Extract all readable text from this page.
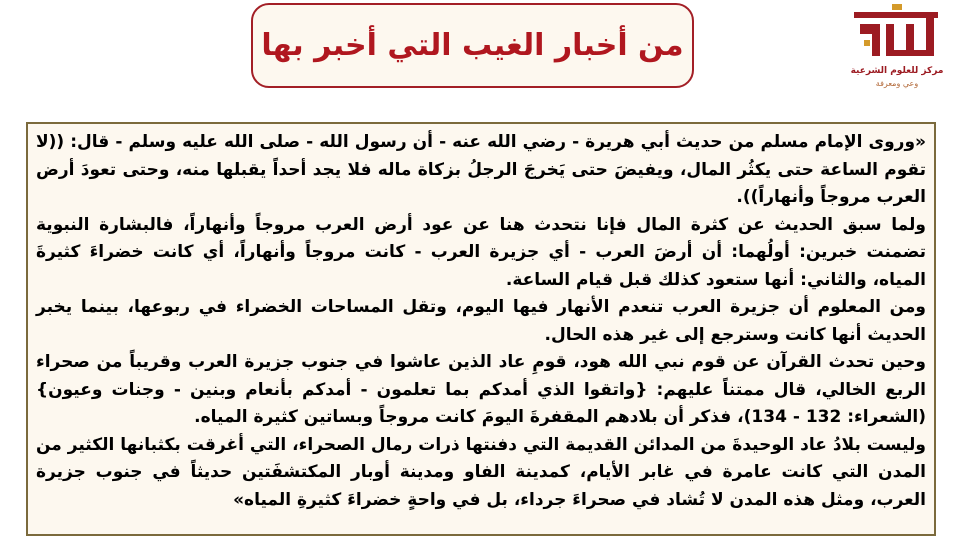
من أخبار الغيب التي أخبر بها
مركز للعلوم الشرعية
وعي ومعرفة

«وروى الإمام مسلم من حديث أبي هريرة - رضي الله عنه - أن رسول الله - صلى الله عليه وسلم - قال: ((لا تقوم الساعة حتى يكثُر المال، ويفيضَ حتى يَخرجَ الرجلُ بزكاة ماله فلا يجد أحداً يقبلها منه، وحتى تعودَ أرض العرب مروجاً وأنهاراً)).

ولما سبق الحديث عن كثرة المال فإنا نتحدث هنا عن عود أرض العرب مروجاً وأنهاراً، فالبشارة النبوية تضمنت خبرين: أولُهما: أن أرضَ العرب - أي جزيرة العرب - كانت مروجاً وأنهاراً، أي كانت خضراءَ كثيرةَ المياه، والثاني: أنها ستعود كذلك قبل قيام الساعة.

ومن المعلوم أن جزيرة العرب تنعدم الأنهار فيها اليوم، وتقل المساحات الخضراء في ربوعها، بينما يخبر الحديث أنها كانت وسترجع إلى غير هذه الحال.

وحين تحدث القرآن عن قوم نبي الله هود، قومِ عاد الذين عاشوا في جنوب جزيرة العرب وقريباً من صحراء الربع الخالي، قال ممتناً عليهم: {واتقوا الذي أمدكم بما تعلمون - أمدكم بأنعام وبنين - وجنات وعيون} (الشعراء: 132 - 134)، فذكر أن بلادهم المقفرةَ اليومَ كانت مروجاً وبساتين كثيرة المياه.

وليست بلادُ عاد الوحيدةَ من المدائن القديمة التي دفنتها ذرات رمال الصحراء، التي أغرقت بكثبانها الكثير من المدن التي كانت عامرة في غابر الأيام، كمدينة الفاو ومدينة أوبار المكتشفَتين حديثاً في جنوب جزيرة العرب، ومثل هذه المدن لا تُشاد في صحراءَ جرداء، بل في واحةٍ خضراءَ كثيرةِ المياه»
